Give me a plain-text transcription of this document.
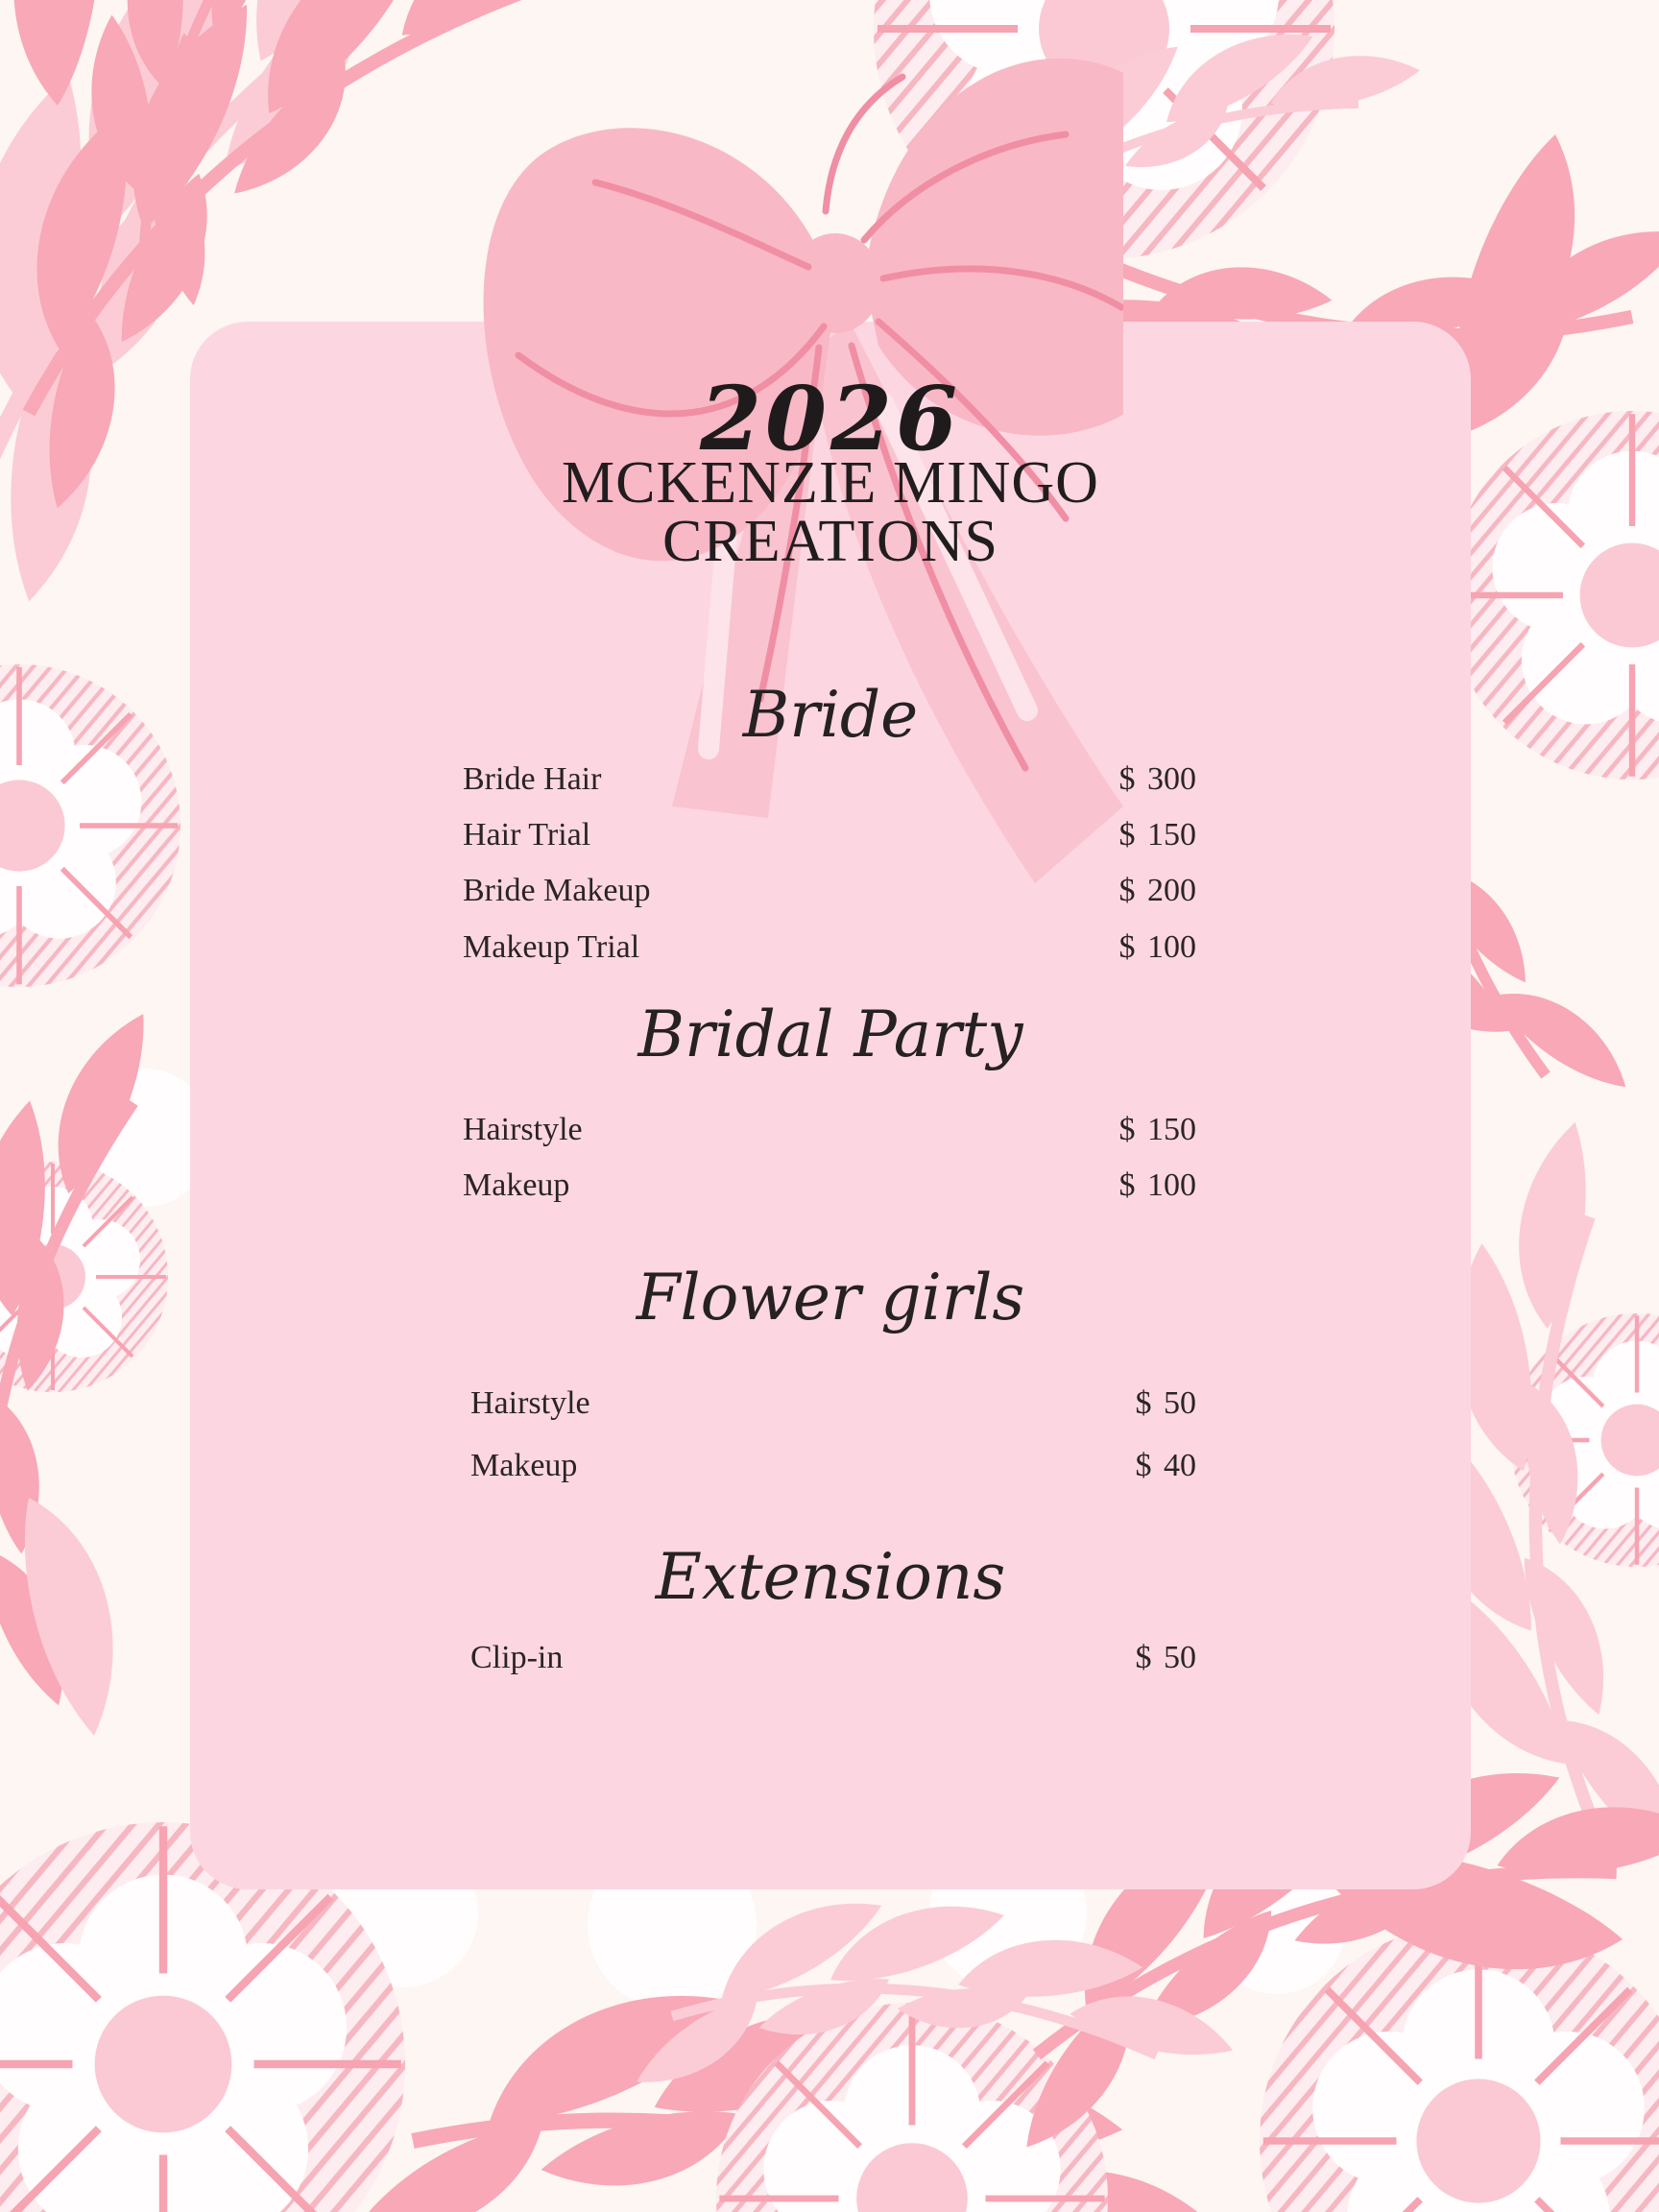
2026
MCKENZIE MINGO
CREATIONS
Bride
Bride Hair	$ 300
Hair Trial	$ 150
Bride Makeup	$ 200
Makeup Trial	$ 100
Bridal Party
Hairstyle	$ 150
Makeup	$ 100
Flower girls
Hairstyle	$ 50
Makeup	$ 40
Extensions
Clip-in	$ 50
